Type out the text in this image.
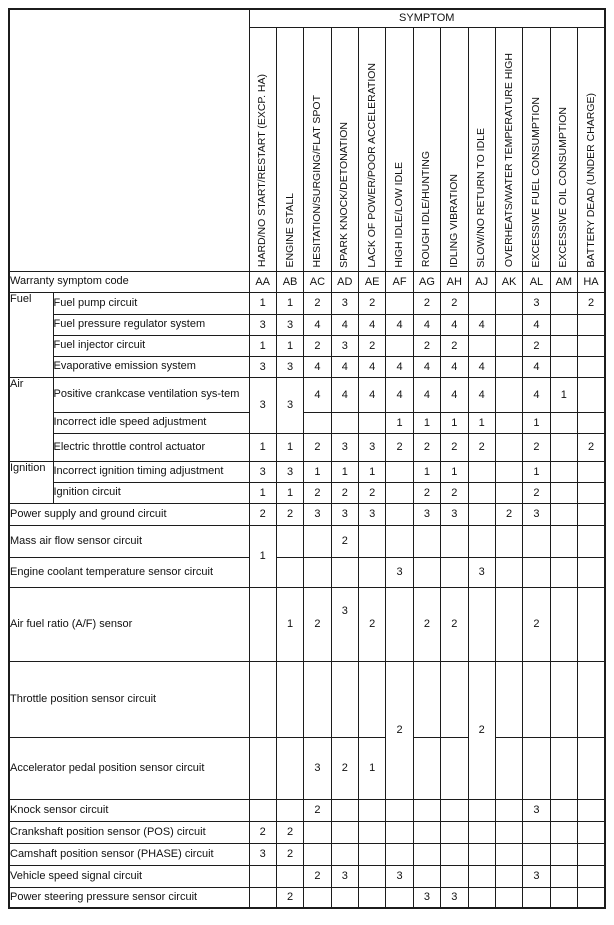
		SYMPTOM												
		HARD/NO START/RESTART (EXCP. HA)	ENGINE STALL	HESITATION/SURGING/FLAT SPOT	SPARK KNOCK/DETONATION	LACK OF POWER/POOR ACCELERATION	HIGH IDLE/LOW IDLE	ROUGH IDLE/HUNTING	IDLING VIBRATION	SLOW/NO RETURN TO IDLE	OVERHEATS/WATER TEMPERATURE HIGH	EXCESSIVE FUEL CONSUMPTION	EXCESSIVE OIL CONSUMPTION	BATTERY DEAD (UNDER CHARGE)
Warranty symptom code		AA	AB	AC	AD	AE	AF	AG	AH	AJ	AK	AL	AM	HA
Fuel	Fuel pump circuit	1	1	2	3	2		2	2			3		2
	Fuel pressure regulator system	3	3	4	4	4	4	4	4	4		4		
	Fuel injector circuit	1	1	2	3	2		2	2			2		
	Evaporative emission system	3	3	4	4	4	4	4	4	4		4		
Air	Positive crankcase ventilation sys-tem	3	3	4	4	4	4	4	4	4		4	1	
	Incorrect idle speed adjustment						1	1	1	1		1		
	Electric throttle control actuator	1	1	2	3	3	2	2	2	2		2		2
Ignition	Incorrect ignition timing adjustment	3	3	1	1	1		1	1			1		
	Ignition circuit	1	1	2	2	2		2	2			2		
Power supply and ground circuit		2	2	3	3	3		3	3		2	3		
Mass air flow sensor circuit		1			2									
Engine coolant temperature sensor circuit							3			3				
Air fuel ratio (A/F) sensor			1	2	3	2		2	2			2		
Throttle position sensor circuit							2			2				
Accelerator pedal position sensor circuit				3	2	1								
Knock sensor circuit				2								3		
Crankshaft position sensor (POS) circuit		2	2											
Camshaft position sensor (PHASE) circuit		3	2											
Vehicle speed signal circuit				2	3		3					3		
Power steering pressure sensor circuit			2					3	3					
